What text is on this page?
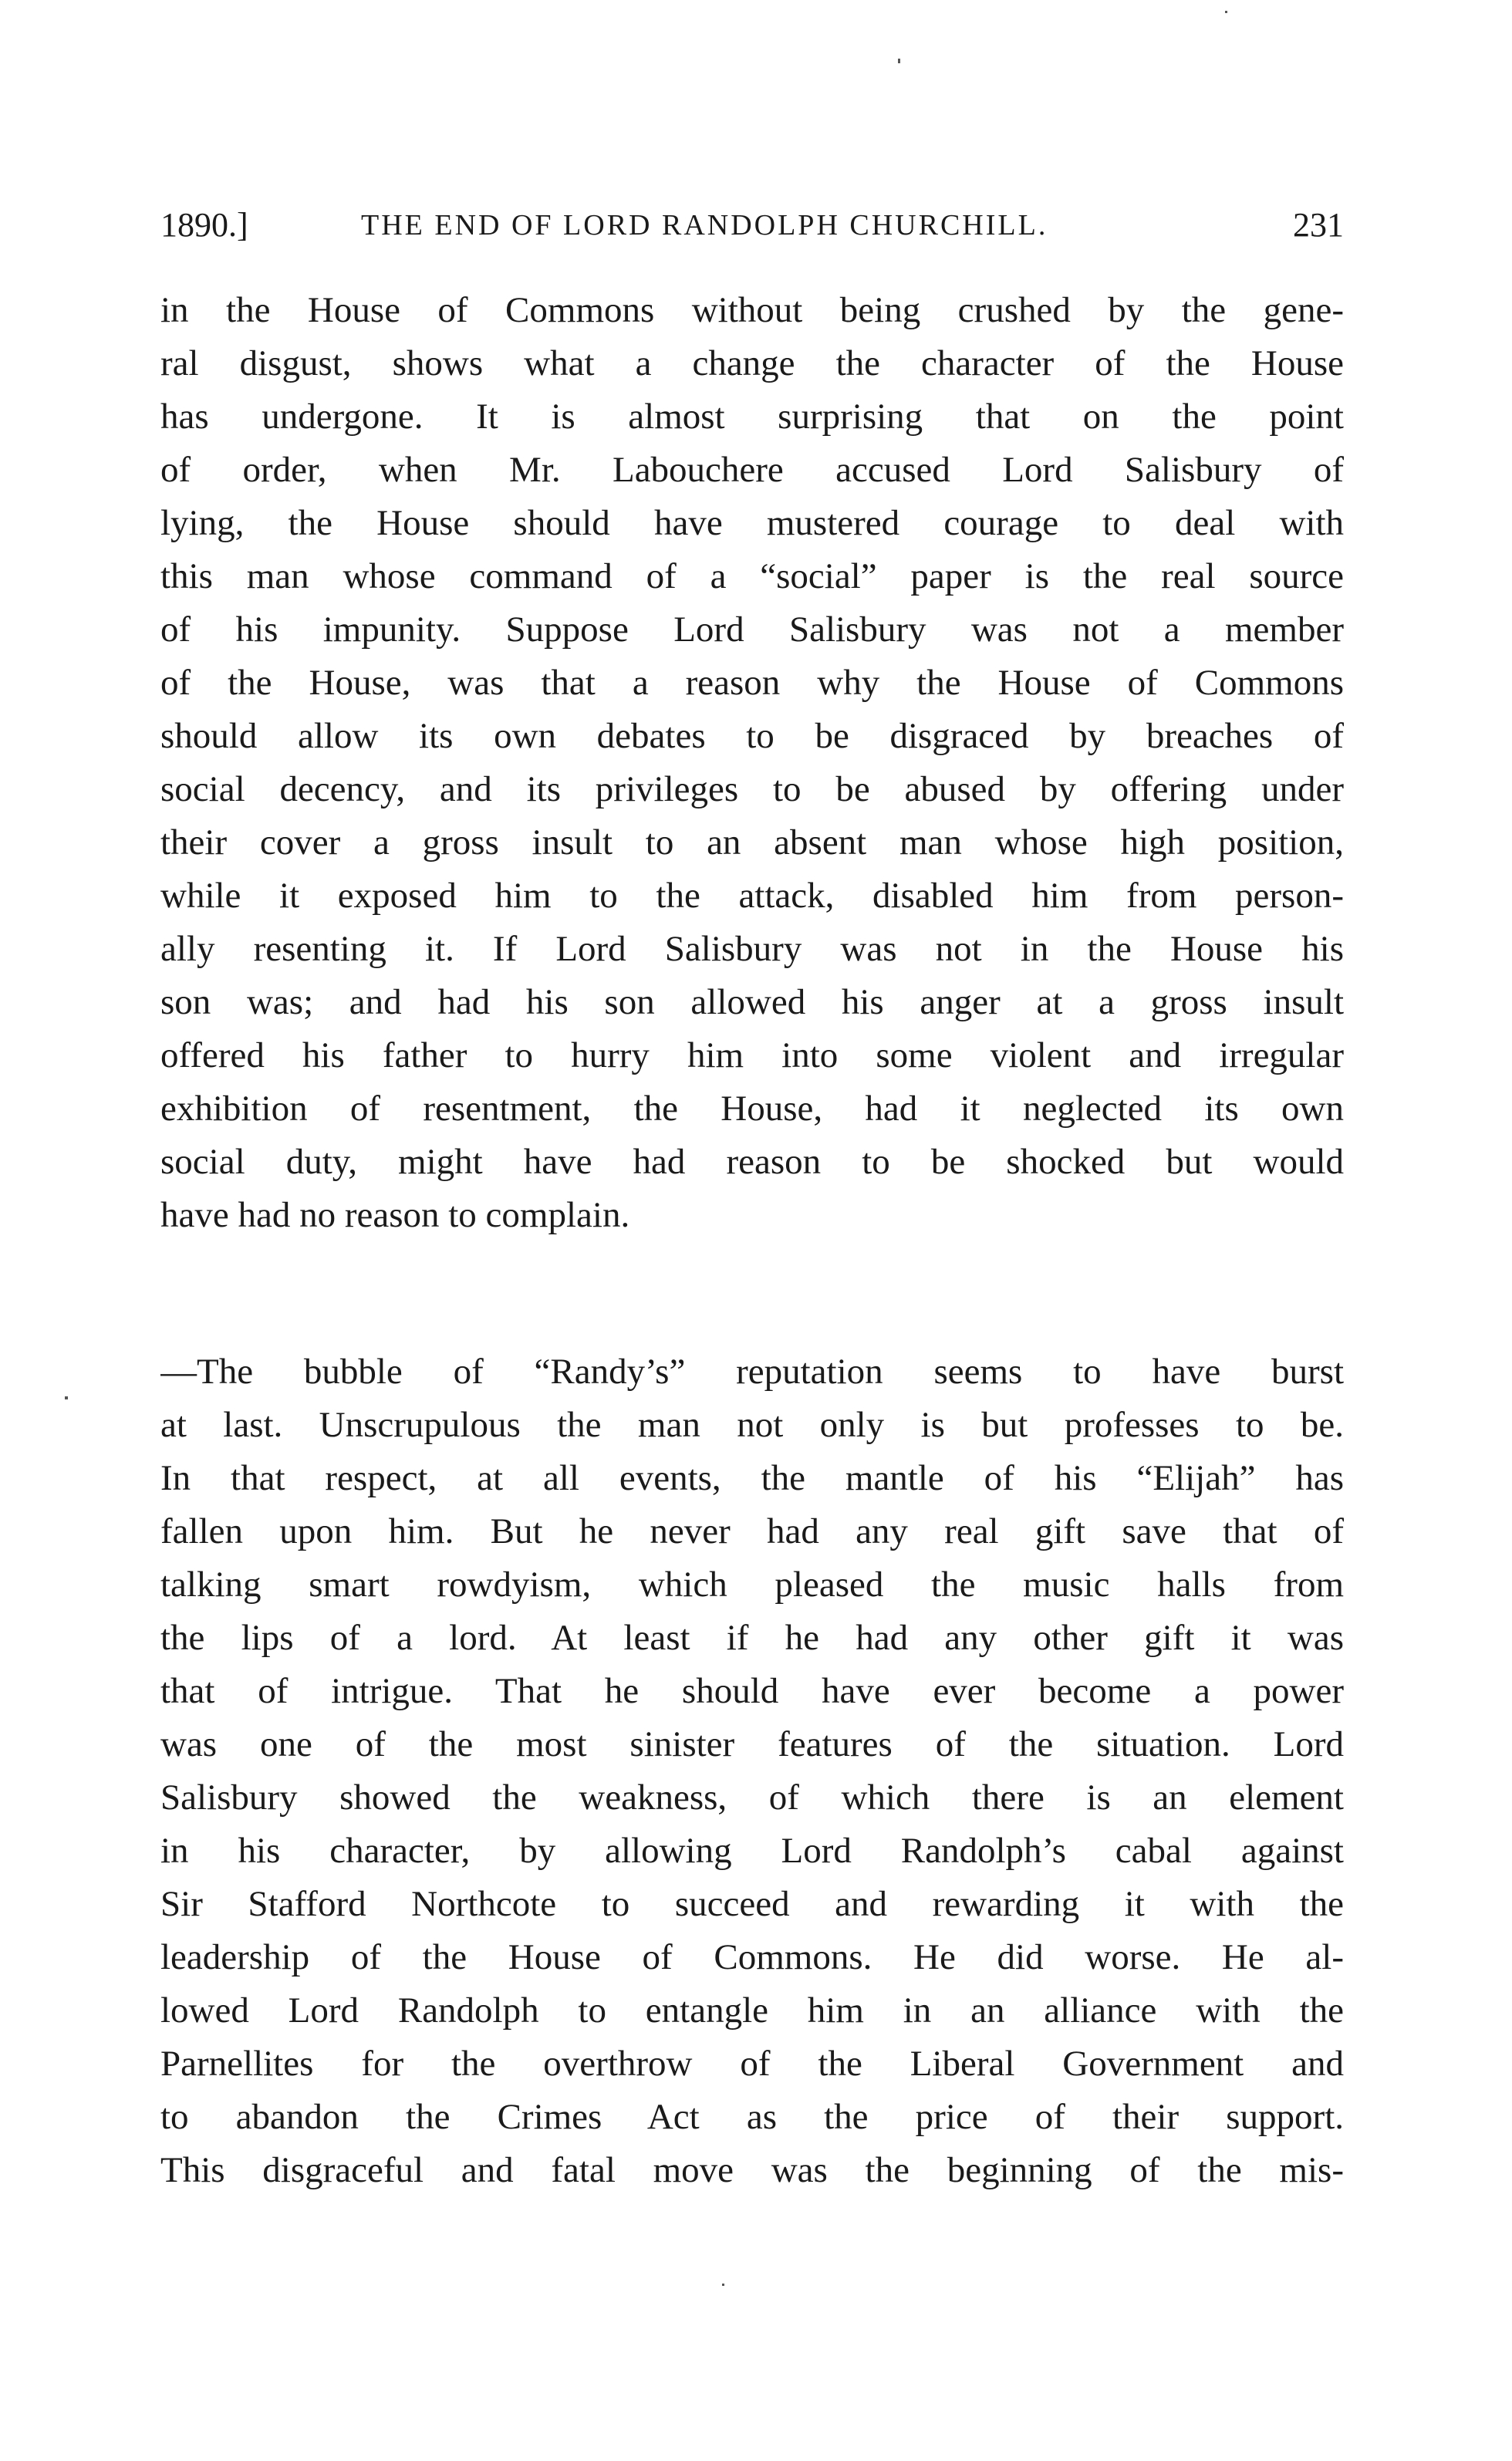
1890.]	THE END OF LORD RANDOLPH CHURCHILL.	231
in the House of Commons without being crushed by the gene-
ral disgust, shows what a change the character of the House
has undergone. It is almost surprising that on the point
of order, when Mr. Labouchere accused Lord Salisbury of
lying, the House should have mustered courage to deal with
this man whose command of a “social” paper is the real source
of his impunity. Suppose Lord Salisbury was not a member
of the House, was that a reason why the House of Commons
should allow its own debates to be disgraced by breaches of
social decency, and its privileges to be abused by offering under
their cover a gross insult to an absent man whose high position,
while it exposed him to the attack, disabled him from person-
ally resenting it. If Lord Salisbury was not in the House his
son was; and had his son allowed his anger at a gross insult
offered his father to hurry him into some violent and irregular
exhibition of resentment, the House, had it neglected its own
social duty, might have had reason to be shocked but would
have had no reason to complain.
—The bubble of “Randy’s” reputation seems to have burst
at last. Unscrupulous the man not only is but professes to be.
In that respect, at all events, the mantle of his “Elijah” has
fallen upon him. But he never had any real gift save that of
talking smart rowdyism, which pleased the music halls from
the lips of a lord. At least if he had any other gift it was
that of intrigue. That he should have ever become a power
was one of the most sinister features of the situation. Lord
Salisbury showed the weakness, of which there is an element
in his character, by allowing Lord Randolph’s cabal against
Sir Stafford Northcote to succeed and rewarding it with the
leadership of the House of Commons. He did worse. He al-
lowed Lord Randolph to entangle him in an alliance with the
Parnellites for the overthrow of the Liberal Government and
to abandon the Crimes Act as the price of their support.
This disgraceful and fatal move was the beginning of the mis-
